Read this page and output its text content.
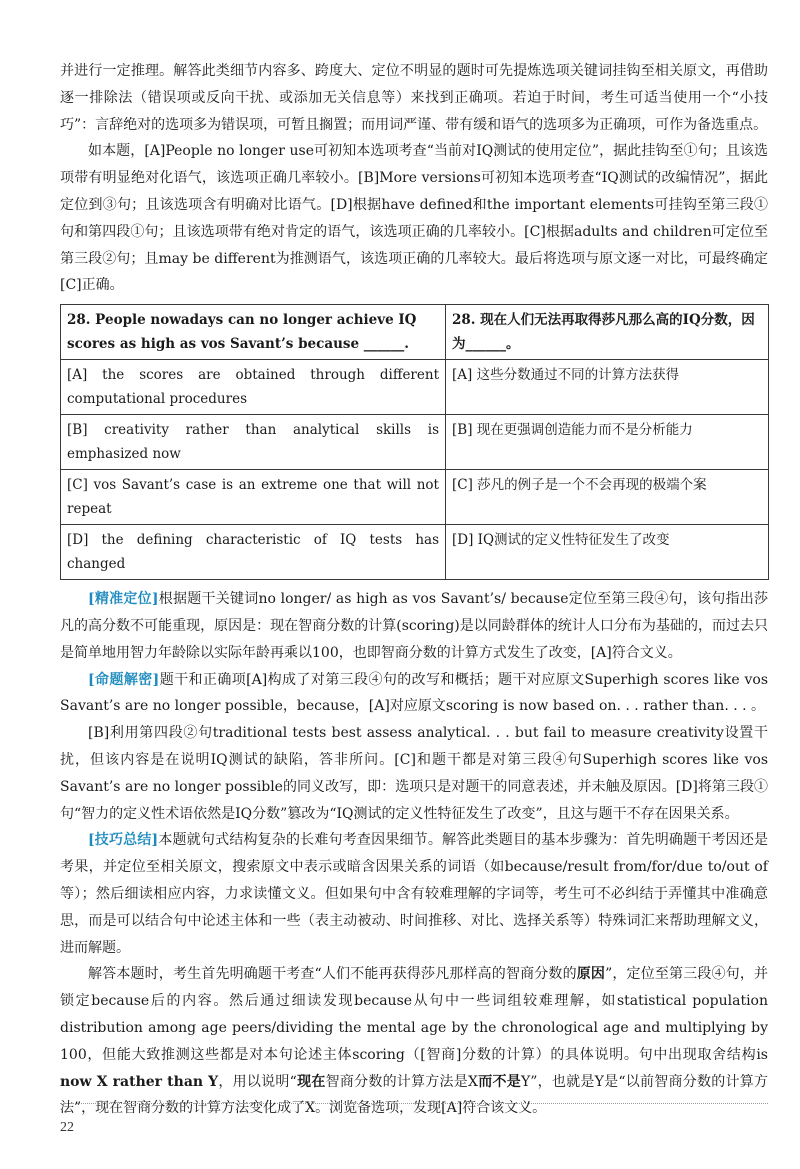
并进行一定推理。解答此类细节内容多、跨度大、定位不明显的题时可先提炼选项关键词挂钩至相关原文，再借助逐一排除法（错误项或反向干扰、或添加无关信息等）来找到正确项。若迫于时间，考生可适当使用一个“小技巧”：言辞绝对的选项多为错误项，可暂且搁置；而用词严谨、带有缓和语气的选项多为正确项，可作为备选重点。

如本题，[A]People no longer use可初知本选项考查“当前对IQ测试的使用定位”，据此挂钩至①句；且该选项带有明显绝对化语气，该选项正确几率较小。[B]More versions可初知本选项考查“IQ测试的改编情况”，据此定位到③句；且该选项含有明确对比语气。[D]根据have defined和the important elements可挂钩至第三段①句和第四段①句；且该选项带有绝对肯定的语气，该选项正确的几率较小。[C]根据adults and children可定位至第三段②句；且may be different为推测语气，该选项正确的几率较大。最后将选项与原文逐一对比，可最终确定[C]正确。

28. People nowadays can no longer achieve IQ scores as high as vos Savant’s because ______.	28. 现在人们无法再取得莎凡那么高的IQ分数，因为______。
[A] the scores are obtained through different computational procedures	[A] 这些分数通过不同的计算方法获得
[B] creativity rather than analytical skills is emphasized now	[B] 现在更强调创造能力而不是分析能力
[C] vos Savant’s case is an extreme one that will not repeat	[C] 莎凡的例子是一个不会再现的极端个案
[D] the defining characteristic of IQ tests has changed	[D] IQ测试的定义性特征发生了改变

[精准定位]根据题干关键词no longer/ as high as vos Savant’s/ because定位至第三段④句，该句指出莎凡的高分数不可能重现，原因是：现在智商分数的计算(scoring)是以同龄群体的统计人口分布为基础的，而过去只是简单地用智力年龄除以实际年龄再乘以100，也即智商分数的计算方式发生了改变，[A]符合文义。

[命题解密]题干和正确项[A]构成了对第三段④句的改写和概括；题干对应原文Superhigh scores like vos Savant’s are no longer possible，because，[A]对应原文scoring is now based on. . . rather than. . . 。

[B]利用第四段②句traditional tests best assess analytical. . . but fail to measure creativity设置干扰，但该内容是在说明IQ测试的缺陷，答非所问。[C]和题干都是对第三段④句Superhigh scores like vos Savant’s are no longer possible的同义改写，即：选项只是对题干的同意表述，并未触及原因。[D]将第三段①句“智力的定义性术语依然是IQ分数”篡改为“IQ测试的定义性特征发生了改变”，且这与题干不存在因果关系。

[技巧总结]本题就句式结构复杂的长难句考查因果细节。解答此类题目的基本步骤为：首先明确题干考因还是考果，并定位至相关原文，搜索原文中表示或暗含因果关系的词语（如because/result from/for/due to/out of等）；然后细读相应内容，力求读懂文义。但如果句中含有较难理解的字词等，考生可不必纠结于弄懂其中准确意思，而是可以结合句中论述主体和一些（表主动被动、时间推移、对比、选择关系等）特殊词汇来帮助理解文义，进而解题。

解答本题时，考生首先明确题干考查“人们不能再获得莎凡那样高的智商分数的原因”，定位至第三段④句，并锁定because后的内容。然后通过细读发现because从句中一些词组较难理解，如statistical population distribution among age peers/dividing the mental age by the chronological age and multiplying by 100，但能大致推测这些都是对本句论述主体scoring（[智商]分数的计算）的具体说明。句中出现取舍结构is now X rather than Y，用以说明“现在智商分数的计算方法是X而不是Y”，也就是Y是“以前智商分数的计算方法”，现在智商分数的计算方法变化成了X。浏览备选项，发现[A]符合该文义。

22
